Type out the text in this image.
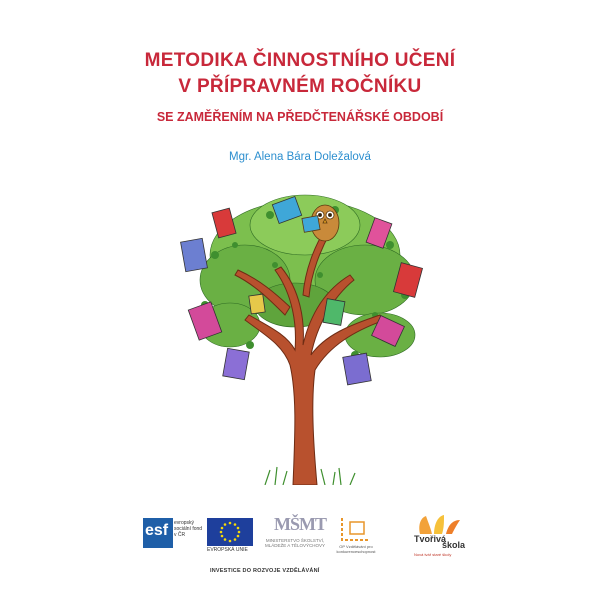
METODIKA ČINNOSTNÍHO UČENÍ
V PŘÍPRAVNÉM ROČNÍKU
SE ZAMĚŘENÍM NA PŘEDČTENÁŘSKÉ OBDOBÍ
Mgr. Alena Bára Doležalová
esf evropský sociální fond v ČR
EVROPSKÁ UNIE
MŠMT
MINISTERSTVO ŠKOLSTVÍ, MLÁDEŽE A TĚLOVÝCHOVY	OP Vzdělávání pro konkurenceschopnost
Tvořivá
škola
Nová tvář staré školy
INVESTICE DO ROZVOJE VZDĚLÁVÁNÍ
